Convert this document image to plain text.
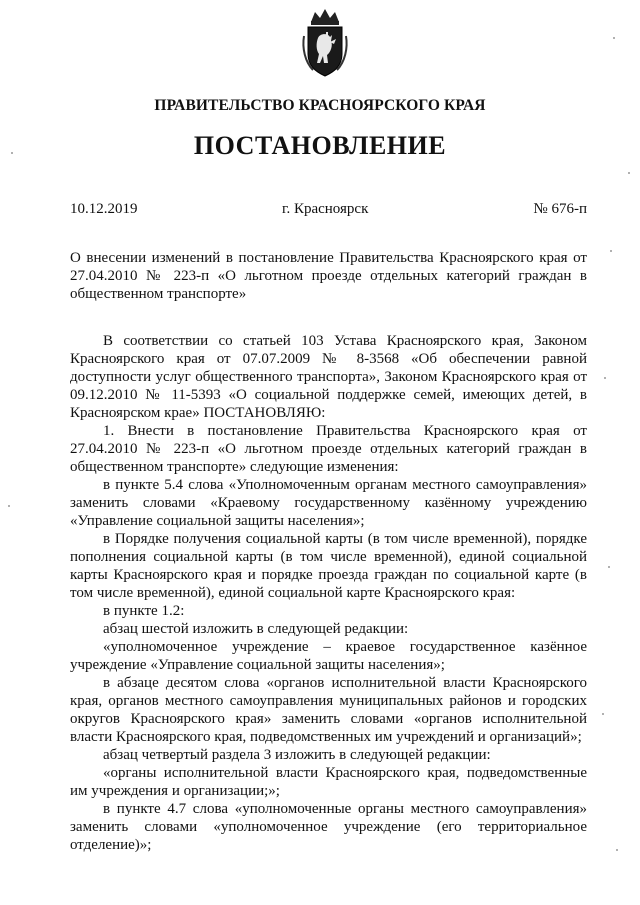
ПРАВИТЕЛЬСТВО КРАСНОЯРСКОГО КРАЯ
ПОСТАНОВЛЕНИЕ
10.12.2019	г. Красноярск	№ 676-п
О внесении изменений в постановление Правительства Красноярского края от 27.04.2010 № 223-п «О льготном проезде отдельных категорий граждан в общественном транспорте»

В соответствии со статьей 103 Устава Красноярского края, Законом Красноярского края от 07.07.2009 № 8-3568 «Об обеспечении равной доступности услуг общественного транспорта», Законом Красноярского края от 09.12.2010 № 11-5393 «О социальной поддержке семей, имеющих детей, в Красноярском крае» ПОСТАНОВЛЯЮ:

1. Внести в постановление Правительства Красноярского края от 27.04.2010 № 223-п «О льготном проезде отдельных категорий граждан в общественном транспорте» следующие изменения:

в пункте 5.4 слова «Уполномоченным органам местного самоуправления» заменить словами «Краевому государственному казённому учреждению «Управление социальной защиты населения»;

в Порядке получения социальной карты (в том числе временной), порядке пополнения социальной карты (в том числе временной), единой социальной карты Красноярского края и порядке проезда граждан по социальной карте (в том числе временной), единой социальной карте Красноярского края:

в пункте 1.2:

абзац шестой изложить в следующей редакции:

«уполномоченное учреждение – краевое государственное казённое учреждение «Управление социальной защиты населения»;

в абзаце десятом слова «органов исполнительной власти Красноярского края, органов местного самоуправления муниципальных районов и городских округов Красноярского края» заменить словами «органов исполнительной власти Красноярского края, подведомственных им учреждений и организаций»;

абзац четвертый раздела 3 изложить в следующей редакции:

«органы исполнительной власти Красноярского края, подведомственные им учреждения и организации;»;

в пункте 4.7 слова «уполномоченные органы местного самоуправления» заменить словами «уполномоченное учреждение (его территориальное отделение)»;
